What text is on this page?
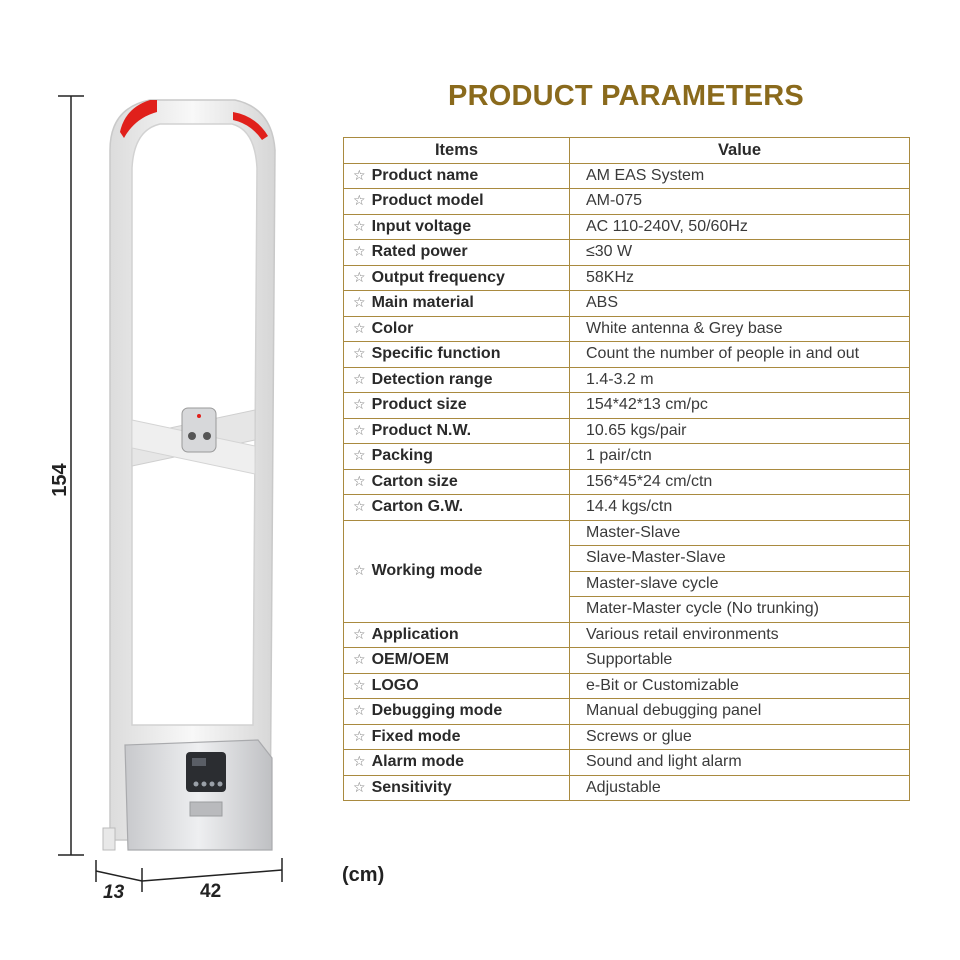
154
13	42
PRODUCT PARAMETERS
Items	Value
☆ Product name	AM EAS System
☆ Product model	AM-075
☆ Input voltage	AC 110-240V, 50/60Hz
☆ Rated power	≤30 W
☆ Output frequency	58KHz
☆ Main material	ABS
☆ Color	White antenna & Grey base
☆ Specific function	Count the number of people in and out
☆ Detection range	1.4-3.2 m
☆ Product size	154*42*13 cm/pc
☆ Product N.W.	10.65 kgs/pair
☆ Packing	1 pair/ctn
☆ Carton size	156*45*24 cm/ctn
☆ Carton G.W.	14.4 kgs/ctn
☆ Working mode	Master-Slave
	Slave-Master-Slave
	Master-slave cycle
	Mater-Master cycle (No trunking)
☆ Application	Various retail environments
☆ OEM/OEM	Supportable
☆ LOGO	e-Bit or Customizable
☆ Debugging mode	Manual debugging panel
☆ Fixed mode	Screws or glue
☆ Alarm mode	Sound and light alarm
☆ Sensitivity	Adjustable
(cm)
